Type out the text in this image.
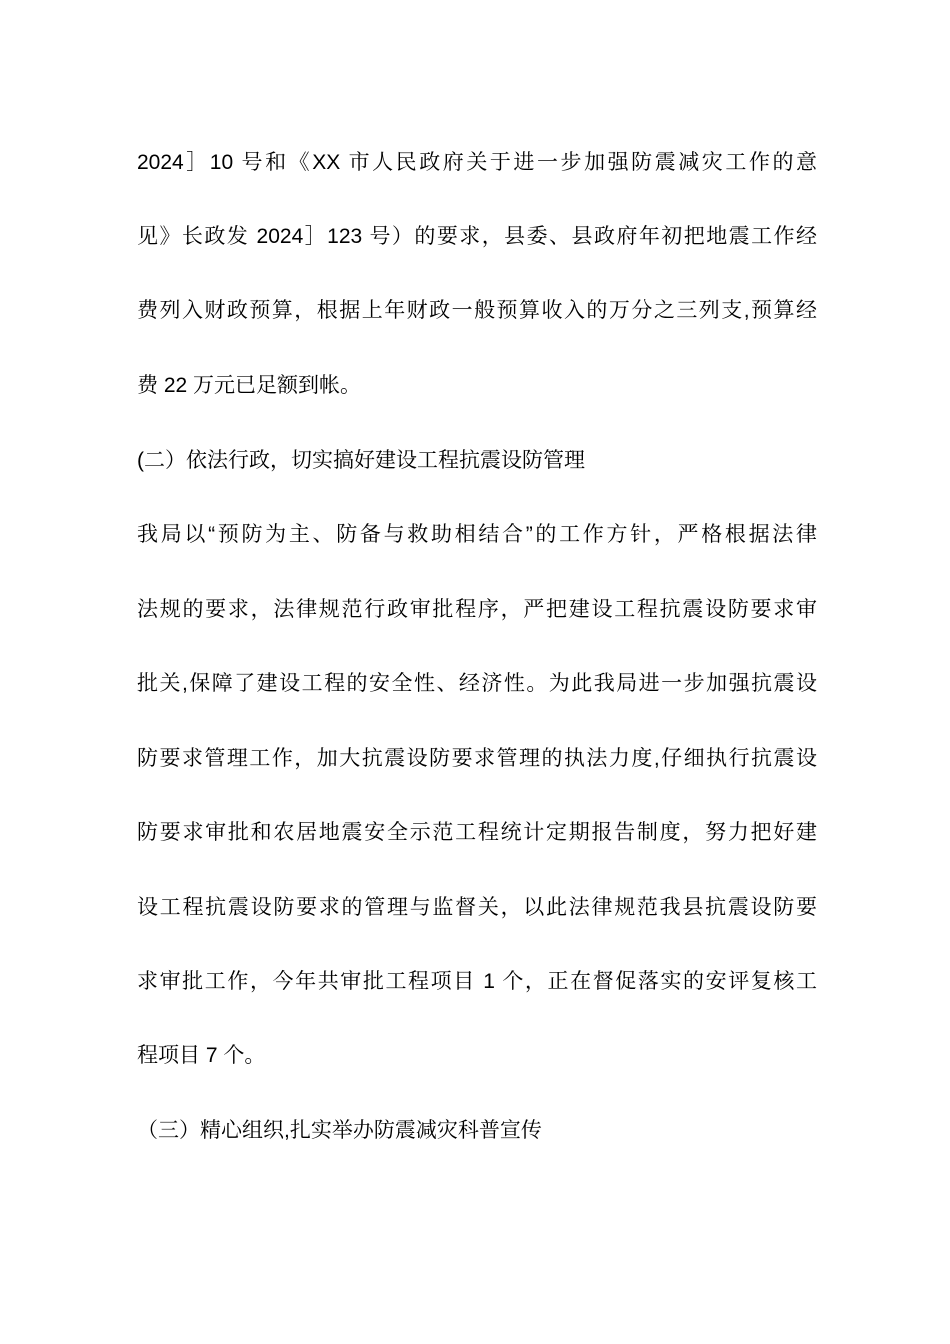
2024］10 号和《XX 市人民政府关于进一步加强防震减灾工作的意
见》长政发 2024］123 号）的要求，县委、县政府年初把地震工作经
费列入财政预算，根据上年财政一般预算收入的万分之三列支,预算经
费 22 万元已足额到帐。
(二）依法行政，切实搞好建设工程抗震设防管理
我局以“预防为主、防备与救助相结合”的工作方针，严格根据法律
法规的要求，法律规范行政审批程序，严把建设工程抗震设防要求审
批关,保障了建设工程的安全性、经济性。为此我局进一步加强抗震设
防要求管理工作，加大抗震设防要求管理的执法力度,仔细执行抗震设
防要求审批和农居地震安全示范工程统计定期报告制度，努力把好建
设工程抗震设防要求的管理与监督关，以此法律规范我县抗震设防要
求审批工作，今年共审批工程项目 1 个，正在督促落实的安评复核工
程项目 7 个。
（三）精心组织,扎实举办防震减灾科普宣传
